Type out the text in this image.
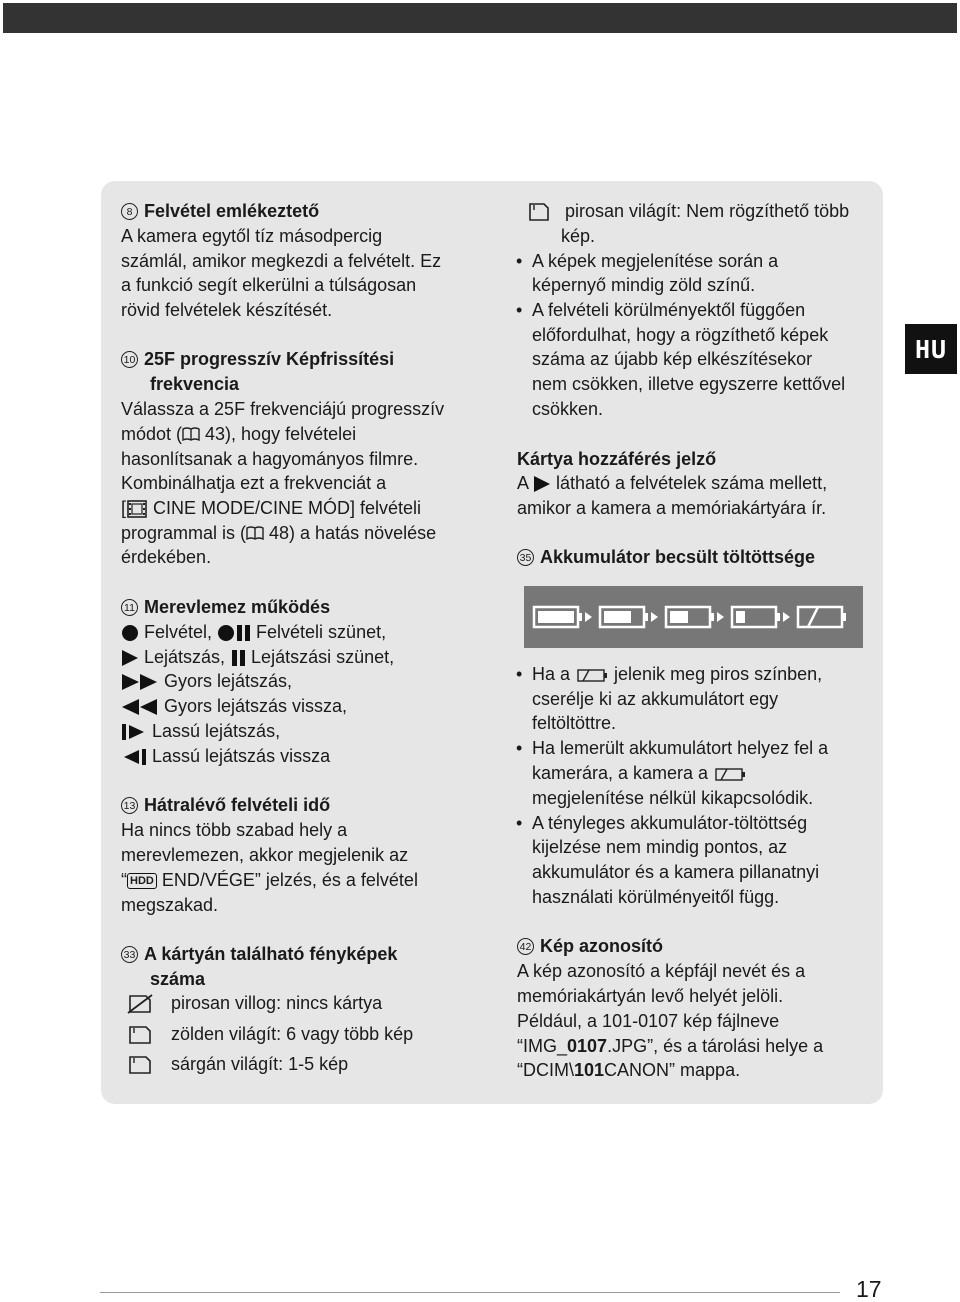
HU
8 Felvétel emlékeztető
A kamera egytől tíz másodpercig
számlál, amikor megkezdi a felvételt. Ez
a funkció segít elkerülni a túlságosan
rövid felvételek készítését.
10 25F progresszív Képfrissítési
frekvencia
Válassza a 25F frekvenciájú progresszív
módot ( 43), hogy felvételei
hasonlítsanak a hagyományos filmre.
Kombinálhatja ezt a frekvenciát a
[ CINE MODE/CINE MÓD] felvételi
programmal is ( 48) a hatás növelése
érdekében.
11 Merevlemez működés
Felvétel,  Felvételi szünet,
Lejátszás,  Lejátszási szünet,
Gyors lejátszás,
Gyors lejátszás vissza,
Lassú lejátszás,
Lassú lejátszás vissza
13 Hátralévő felvételi idő
Ha nincs több szabad hely a
merevlemezen, akkor megjelenik az
“ HDD END/VÉGE” jelzés, és a felvétel
megszakad.
33 A kártyán található fényképek
száma
pirosan villog: nincs kártya
zölden világít: 6 vagy több kép
sárgán világít: 1-5 kép
pirosan világít: Nem rögzíthető több
kép.
• A képek megjelenítése során a
képernyő mindig zöld színű.
• A felvételi körülményektől függően
előfordulhat, hogy a rögzíthető képek
száma az újabb kép elkészítésekor
nem csökken, illetve egyszerre kettővel
csökken.
Kártya hozzáférés jelző
A  látható a felvételek száma mellett,
amikor a kamera a memóriakártyára ír.
35 Akkumulátor becsült töltöttsége
• Ha a  jelenik meg piros színben,
cserélje ki az akkumulátort egy
feltöltöttre.
• Ha lemerült akkumulátort helyez fel a
kamerára, a kamera a
megjelenítése nélkül kikapcsolódik.
• A tényleges akkumulátor-töltöttség
kijelzése nem mindig pontos, az
akkumulátor és a kamera pillanatnyi
használati körülményeitől függ.
42 Kép azonosító
A kép azonosító a képfájl nevét és a
memóriakártyán levő helyét jelöli.
Például, a 101-0107 kép fájlneve
“IMG_0107.JPG”, és a tárolási helye a
“DCIM\101CANON” mappa.
17
